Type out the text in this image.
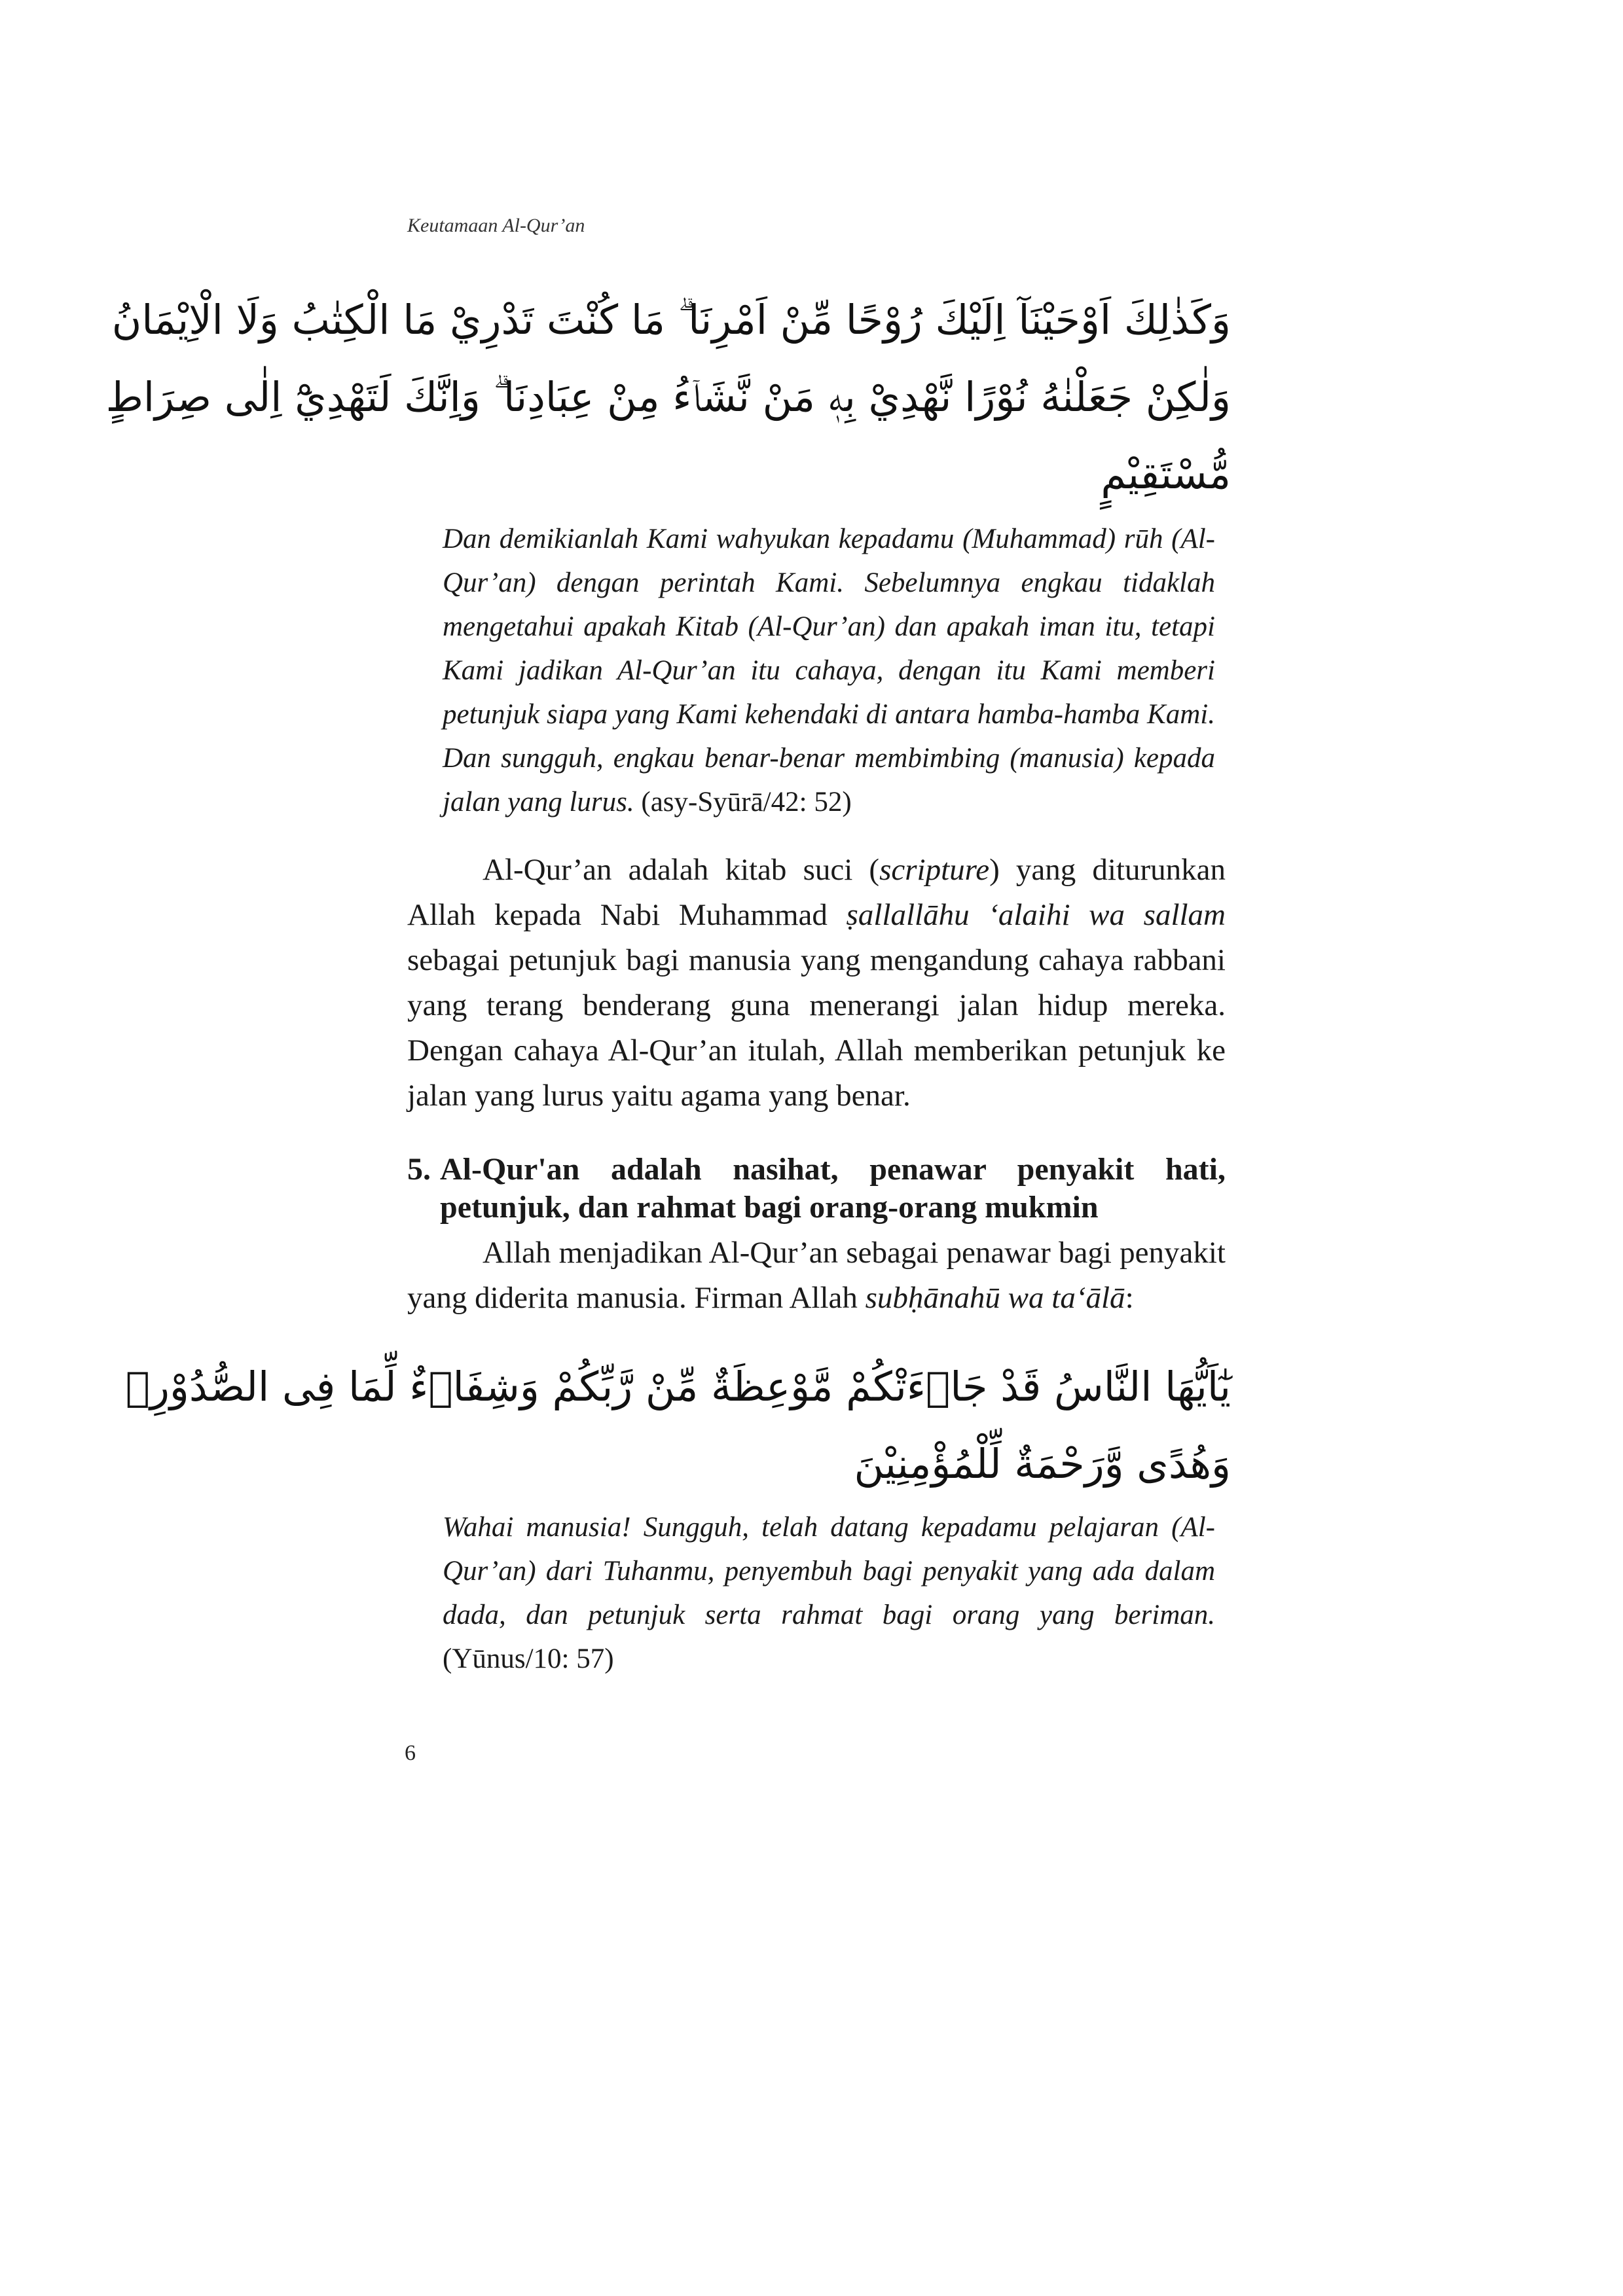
Keutamaan Al-Qur’an
وَكَذٰلِكَ اَوْحَيْنَآ اِلَيْكَ رُوْحًا مِّنْ اَمْرِنَا ۗ مَا كُنْتَ تَدْرِيْ مَا الْكِتٰبُ وَلَا الْاِيْمَانُ
وَلٰكِنْ جَعَلْنٰهُ نُوْرًا نَّهْدِيْ بِهٖ مَنْ نَّشَاۤءُ مِنْ عِبَادِنَا ۗ وَاِنَّكَ لَتَهْدِيْٓ اِلٰى صِرَاطٍ
مُّسْتَقِيْمٍ
Dan demikianlah Kami wahyukan kepadamu (Muhammad) rūh (Al-Qur’an) dengan perintah Kami. Sebelumnya engkau tidaklah mengetahui apakah Kitab (Al-Qur’an) dan apakah iman itu, tetapi Kami jadikan Al-Qur’an itu cahaya, dengan itu Kami memberi petunjuk siapa yang Kami kehendaki di antara hamba-hamba Kami. Dan sungguh, engkau benar-benar membimbing (manusia) kepada jalan yang lurus. (asy-Syūrā/42: 52)
Al-Qur’an adalah kitab suci (scripture) yang diturunkan Allah kepada Nabi Muhammad ṣallallāhu ‘alaihi wa sallam sebagai petunjuk bagi manusia yang mengandung cahaya rabbani yang terang benderang guna menerangi jalan hidup mereka. Dengan cahaya Al-Qur’an itulah, Allah memberikan petunjuk ke jalan yang lurus yaitu agama yang benar.
5. Al-Qur'an adalah nasihat, penawar penyakit hati, petunjuk, dan rahmat bagi orang-orang mukmin
Allah menjadikan Al-Qur’an sebagai penawar bagi penyakit yang diderita manusia. Firman Allah subḥānahū wa ta‘ālā:
يٰٓاَيُّهَا النَّاسُ قَدْ جَاۤءَتْكُمْ مَّوْعِظَةٌ مِّنْ رَّبِّكُمْ وَشِفَاۤءٌ لِّمَا فِى الصُّدُوْرِۙ
وَهُدًى وَّرَحْمَةٌ لِّلْمُؤْمِنِيْنَ
Wahai manusia! Sungguh, telah datang kepadamu pelajaran (Al-Qur’an) dari Tuhanmu, penyembuh bagi penyakit yang ada dalam dada, dan petunjuk serta rahmat bagi orang yang beriman. (Yūnus/10: 57)
6
